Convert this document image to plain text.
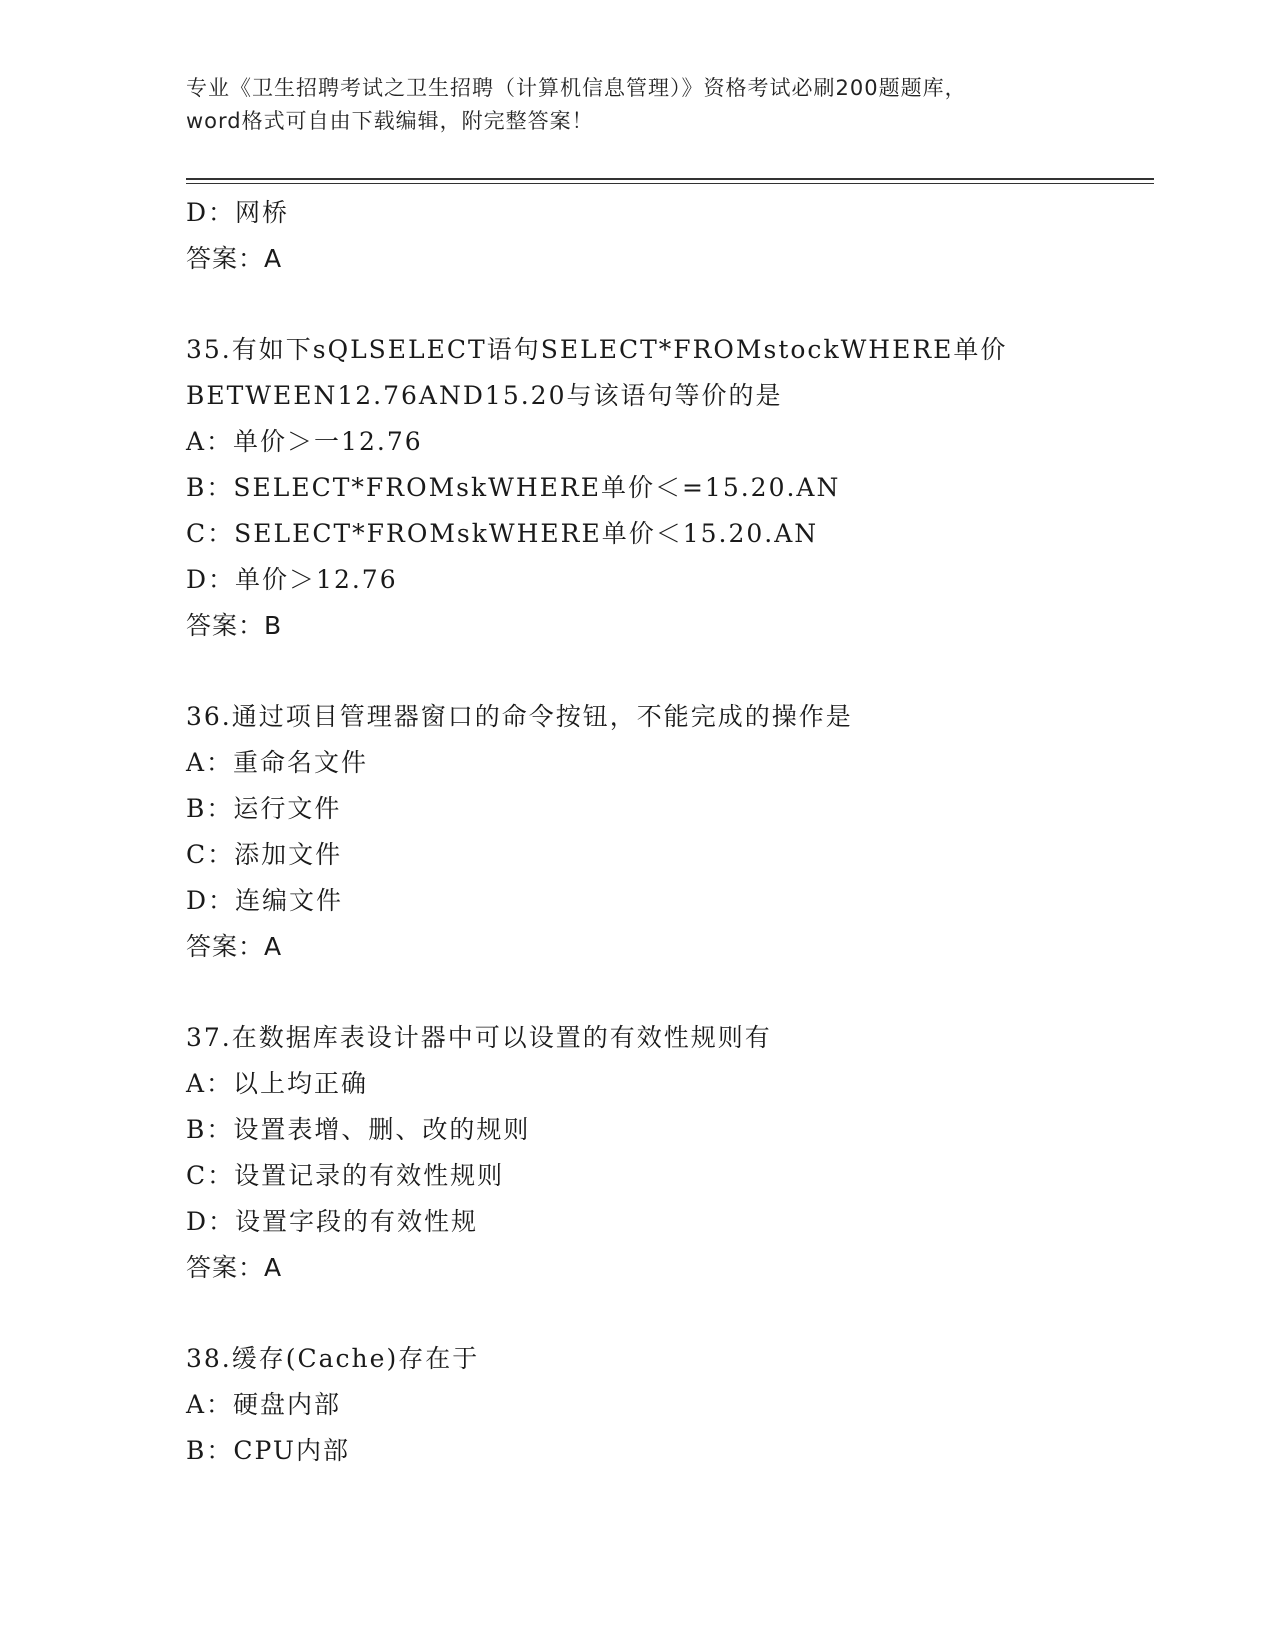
专业《卫生招聘考试之卫生招聘（计算机信息管理）》资格考试必刷200题题库，
word格式可自由下载编辑，附完整答案！
D：网桥
答案：A
35.有如下sQLSELECT语句SELECT*FROMstockWHERE单价
BETWEEN12.76AND15.20与该语句等价的是
A：单价＞一12.76
B：SELECT*FROMskWHERE单价＜=15.20.AN
C：SELECT*FROMskWHERE单价＜15.20.AN
D：单价＞12.76
答案：B
36.通过项目管理器窗口的命令按钮，不能完成的操作是
A：重命名文件
B：运行文件
C：添加文件
D：连编文件
答案：A
37.在数据库表设计器中可以设置的有效性规则有
A：以上均正确
B：设置表增、删、改的规则
C：设置记录的有效性规则
D：设置字段的有效性规
答案：A
38.缓存(Cache)存在于
A：硬盘内部
B：CPU内部
